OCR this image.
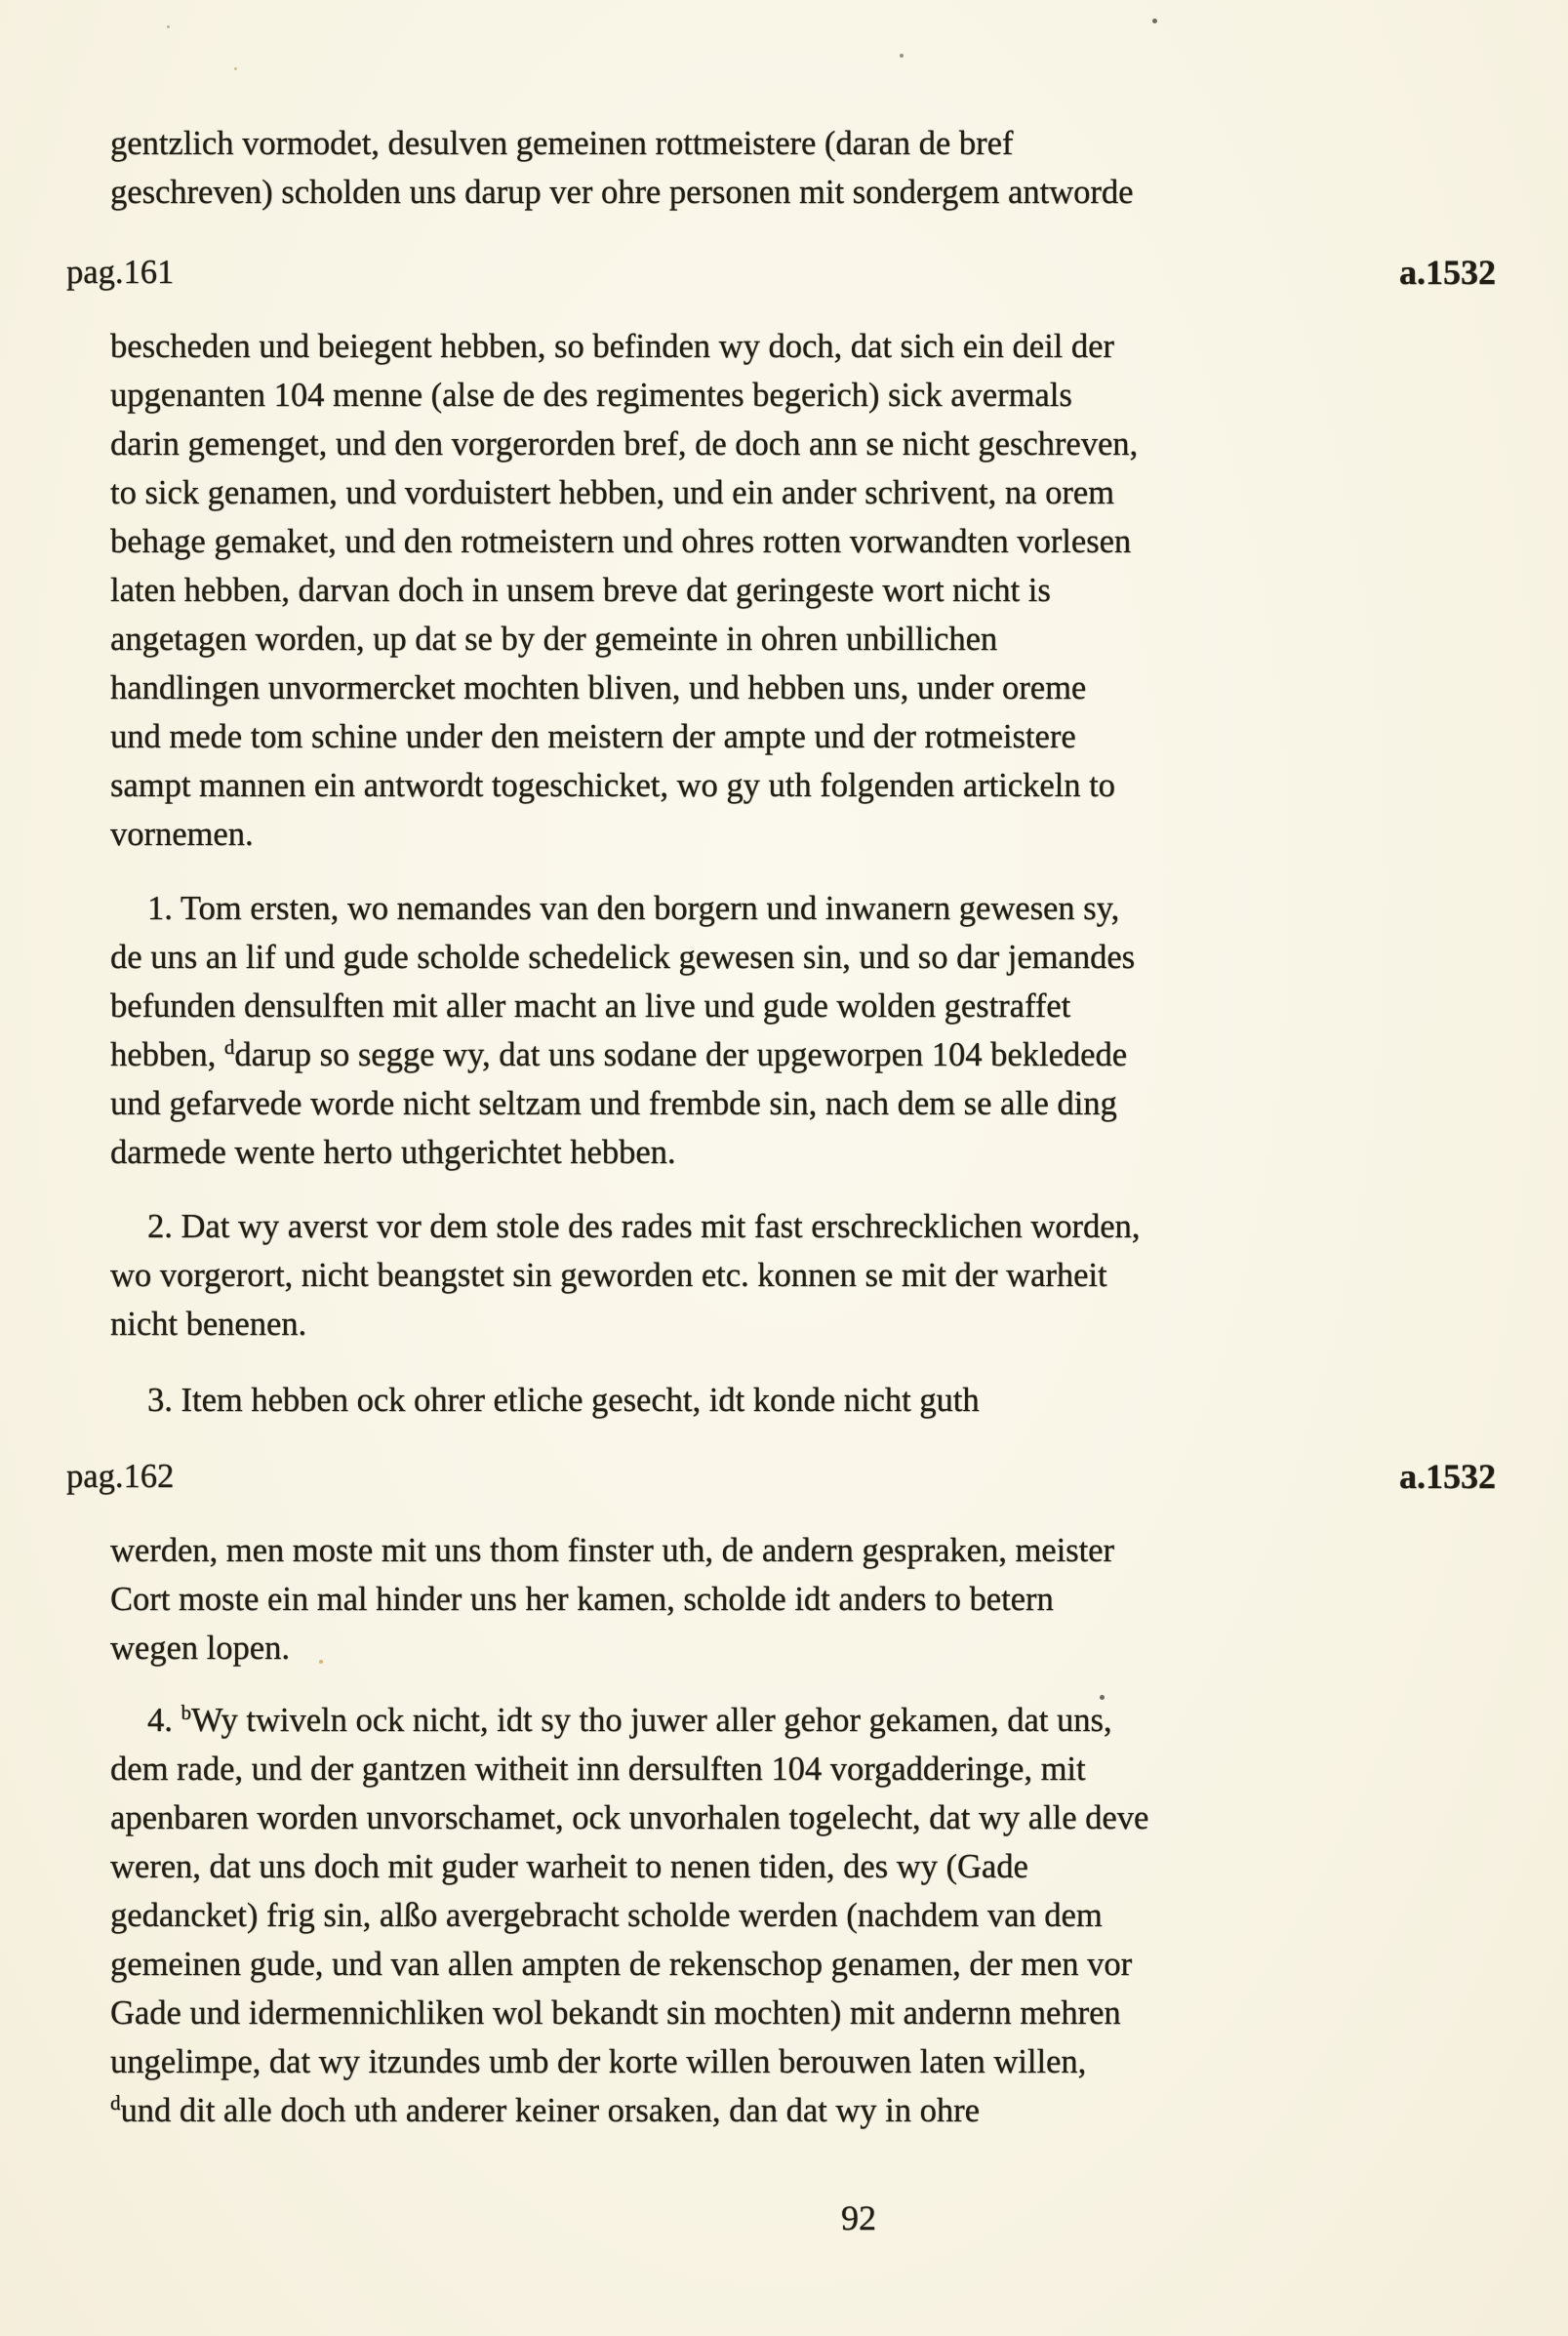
gentzlich vormodet, desulven gemeinen rottmeistere (daran de bref
geschreven) scholden uns darup ver ohre personen mit sondergem antworde
pag.161	a.1532
bescheden und beiegent hebben, so befinden wy doch, dat sich ein deil der
upgenanten 104 menne (alse de des regimentes begerich) sick avermals
darin gemenget, und den vorgerorden bref, de doch ann se nicht geschreven,
to sick genamen, und vorduistert hebben, und ein ander schrivent, na orem
behage gemaket, und den rotmeistern und ohres rotten vorwandten vorlesen
laten hebben, darvan doch in unsem breve dat geringeste wort nicht is
angetagen worden, up dat se by der gemeinte in ohren unbillichen
handlingen unvormercket mochten bliven, und hebben uns, under oreme
und mede tom schine under den meistern der ampte und der rotmeistere
sampt mannen ein antwordt togeschicket, wo gy uth folgenden artickeln to
vornemen.
1. Tom ersten, wo nemandes van den borgern und inwanern gewesen sy,
de uns an lif und gude scholde schedelick gewesen sin, und so dar jemandes
befunden densulften mit aller macht an live und gude wolden gestraffet
hebben, $^d$darup so segge wy, dat uns sodane der upgeworpen 104 bekledede
und gefarvede worde nicht seltzam und frembde sin, nach dem se alle ding
darmede wente herto uthgerichtet hebben.
2. Dat wy averst vor dem stole des rades mit fast erschrecklichen worden,
wo vorgerort, nicht beangstet sin geworden etc. konnen se mit der warheit
nicht benenen.
3. Item hebben ock ohrer etliche gesecht, idt konde nicht guth
pag.162	a.1532
werden, men moste mit uns thom finster uth, de andern gespraken, meister
Cort moste ein mal hinder uns her kamen, scholde idt anders to betern
wegen lopen.
4. $^b$Wy twiveln ock nicht, idt sy tho juwer aller gehor gekamen, dat uns,
dem rade, und der gantzen witheit inn dersulften 104 vorgadderinge, mit
apenbaren worden unvorschamet, ock unvorhalen togelecht, dat wy alle deve
weren, dat uns doch mit guder warheit to nenen tiden, des wy (Gade
gedancket) frig sin, alßo avergebracht scholde werden (nachdem van dem
gemeinen gude, und van allen ampten de rekenschop genamen, der men vor
Gade und idermennichliken wol bekandt sin mochten) mit andernn mehren
ungelimpe, dat wy itzundes umb der korte willen berouwen laten willen,
$^d$und dit alle doch uth anderer keiner orsaken, dan dat wy in ohre
92
